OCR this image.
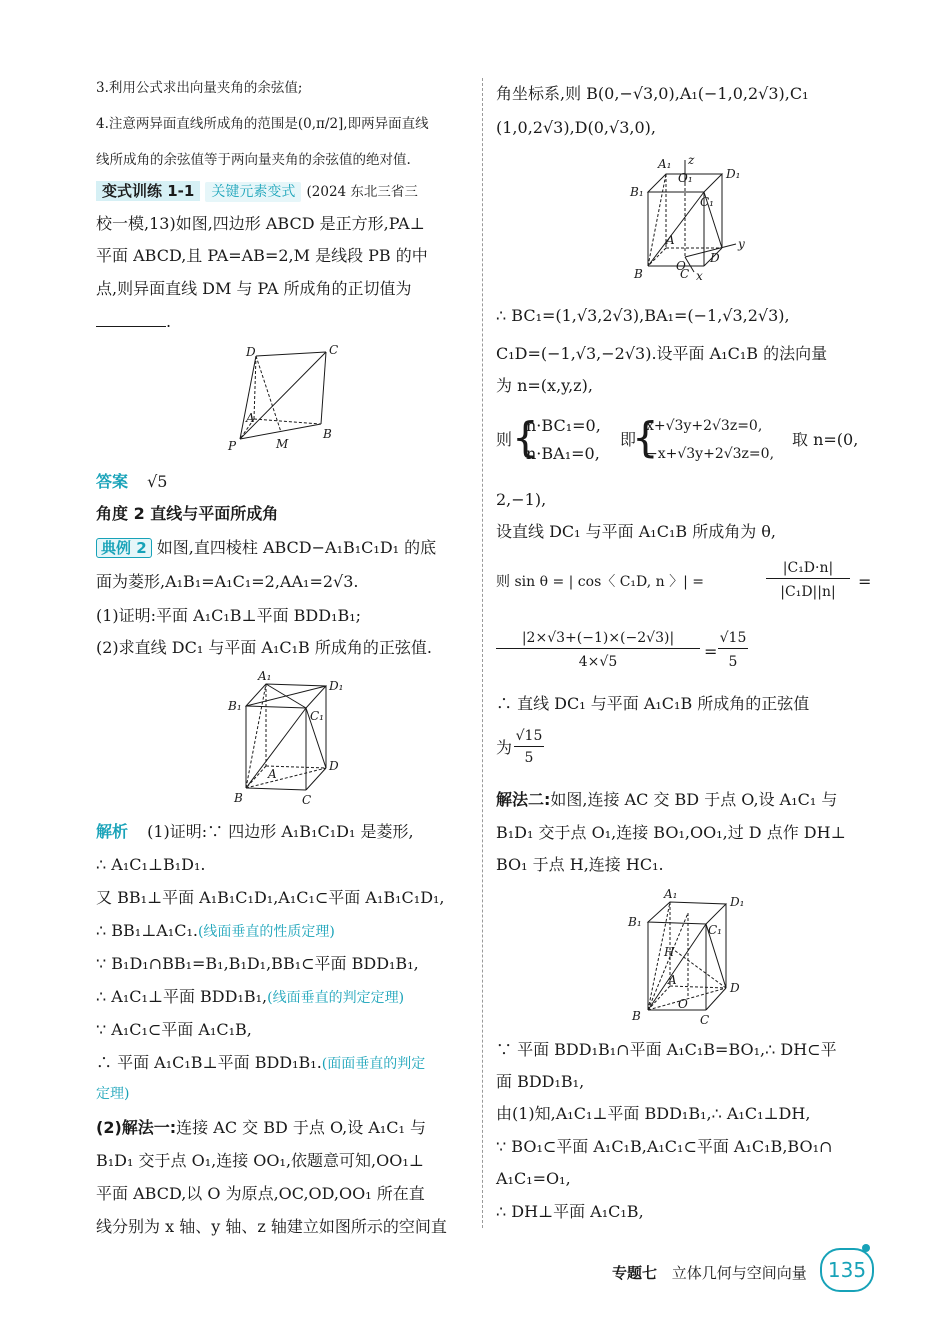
3.利用公式求出向量夹角的余弦值;
4.注意两异面直线所成角的范围是(0,π/2],即两异面直线
线所成角的余弦值等于两向量夹角的余弦值的绝对值.
变式训练 1-1 关键元素变式 (2024 东北三省三
校一模,13)如图,四边形 ABCD 是正方形,PA⊥
平面 ABCD,且 PA=AB=2,M 是线段 PB 的中
点,则异面直线 DM 与 PA 所成角的正切值为
.
D	C
A
P	M
B
答案 √5
角度 2 直线与平面所成角
典例 2 如图,直四棱柱 ABCD−A₁B₁C₁D₁ 的底
面为菱形,A₁B₁=A₁C₁=2,AA₁=2√3.
(1)证明:平面 A₁C₁B⊥平面 BDD₁B₁;
(2)求直线 DC₁ 与平面 A₁C₁B 所成角的正弦值.
A₁
D₁
B₁
C₁
A
D
B	C
解析 (1)证明:∵ 四边形 A₁B₁C₁D₁ 是菱形,
∴ A₁C₁⊥B₁D₁.
又 BB₁⊥平面 A₁B₁C₁D₁,A₁C₁⊂平面 A₁B₁C₁D₁,
∴ BB₁⊥A₁C₁.(线面垂直的性质定理)
∵ B₁D₁∩BB₁=B₁,B₁D₁,BB₁⊂平面 BDD₁B₁,
∴ A₁C₁⊥平面 BDD₁B₁,(线面垂直的判定定理)
∵ A₁C₁⊂平面 A₁C₁B,
∴ 平面 A₁C₁B⊥平面 BDD₁B₁.(面面垂直的判定
定理)
(2)解法一:连接 AC 交 BD 于点 O,设 A₁C₁ 与
B₁D₁ 交于点 O₁,连接 OO₁,依题意可知,OO₁⊥
平面 ABCD,以 O 为原点,OC,OD,OO₁ 所在直
线分别为 x 轴、y 轴、z 轴建立如图所示的空间直
角坐标系,则 B(0,−√3,0),A₁(−1,0,2√3),C₁
(1,0,2√3),D(0,√3,0),
A₁ z
O₁	D₁
B₁
C₁
A
O
D
y
B	C x
∴ BC₁=(1,√3,2√3),BA₁=(−1,√3,2√3),
C₁D=(−1,√3,−2√3).设平面 A₁C₁B 的法向量
为 n=(x,y,z),
则 {
n·BC₁=0,
n·BA₁=0,
即
{
x+√3y+2√3z=0,
−x+√3y+2√3z=0,
取 n=(0,
2,−1),
设直线 DC₁ 与平面 A₁C₁B 所成角为 θ,
则 sin θ = | cos〈 C₁D, n 〉| =
|C₁D·n|
|C₁D||n|
=
|2×√3+(−1)×(−2√3)|
4×√5
=
√15
5
∴ 直线 DC₁ 与平面 A₁C₁B 所成角的正弦值
为
√15
5
解法二:如图,连接 AC 交 BD 于点 O,设 A₁C₁ 与
B₁D₁ 交于点 O₁,连接 BO₁,OO₁,过 D 点作 DH⊥
BO₁ 于点 H,连接 HC₁.
A₁
D₁
B₁
C₁
H
A
D
O
B	C
∵ 平面 BDD₁B₁∩平面 A₁C₁B=BO₁,∴ DH⊂平
面 BDD₁B₁,
由(1)知,A₁C₁⊥平面 BDD₁B₁,∴ A₁C₁⊥DH,
∵ BO₁⊂平面 A₁C₁B,A₁C₁⊂平面 A₁C₁B,BO₁∩
A₁C₁=O₁,
∴ DH⊥平面 A₁C₁B,
专题七 立体几何与空间向量	135
